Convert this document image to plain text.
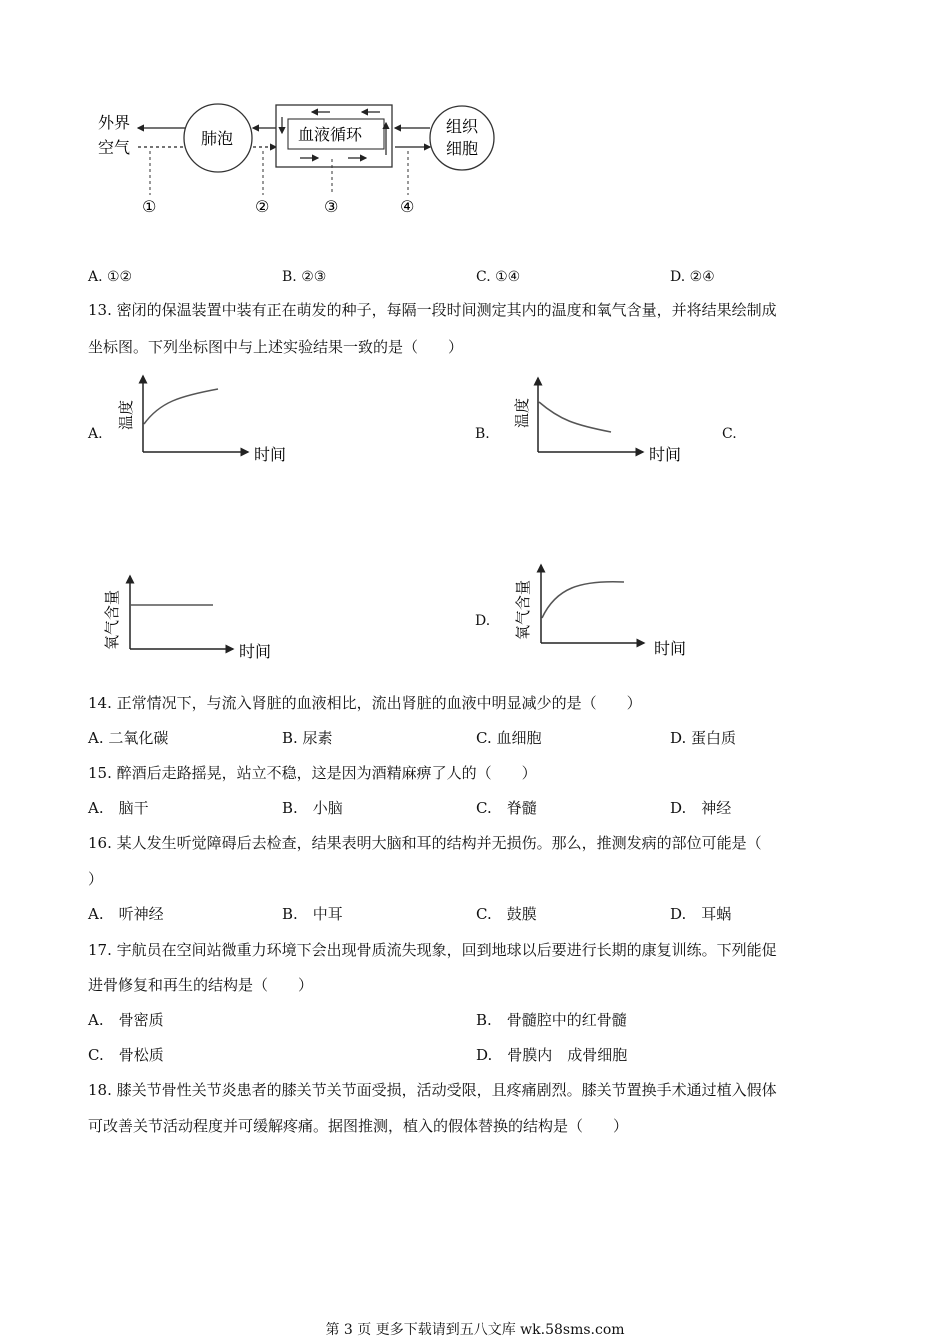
外界
空气	肺泡	血液循环	组织
细胞
①	②	③	④
A. ①②	B. ②③	C. ①④	D. ②④
13. 密闭的保温装置中装有正在萌发的种子，每隔一段时间测定其内的温度和氧气含量，并将结果绘制成
坐标图。下列坐标图中与上述实验结果一致的是（　　）
A.	B.	C.
D.
温度
时间
温度
时间
氧气含量
时间
氧气含量
时间
14. 正常情况下，与流入肾脏的血液相比，流出肾脏的血液中明显减少的是（　　）
A. 二氧化碳	B. 尿素	C. 血细胞	D. 蛋白质
15. 醉酒后走路摇晃，站立不稳，这是因为酒精麻痹了人的（　　）
A.　脑干	B.　小脑	C.　脊髓	D.　神经
16. 某人发生听觉障碍后去检查，结果表明大脑和耳的结构并无损伤。那么，推测发病的部位可能是（
）
A.　听神经	B.　中耳	C.　鼓膜	D.　耳蜗
17. 宇航员在空间站微重力环境下会出现骨质流失现象，回到地球以后要进行长期的康复训练。下列能促
进骨修复和再生的结构是（　　）
A.　骨密质	B.　骨髓腔中的红骨髓
C.　骨松质	D.　骨膜内　成骨细胞
18. 膝关节骨性关节炎患者的膝关节关节面受损，活动受限，且疼痛剧烈。膝关节置换手术通过植入假体
可改善关节活动程度并可缓解疼痛。据图推测，植入的假体替换的结构是（　　）
第 3 页 更多下载请到五八文库 wk.58sms.com
